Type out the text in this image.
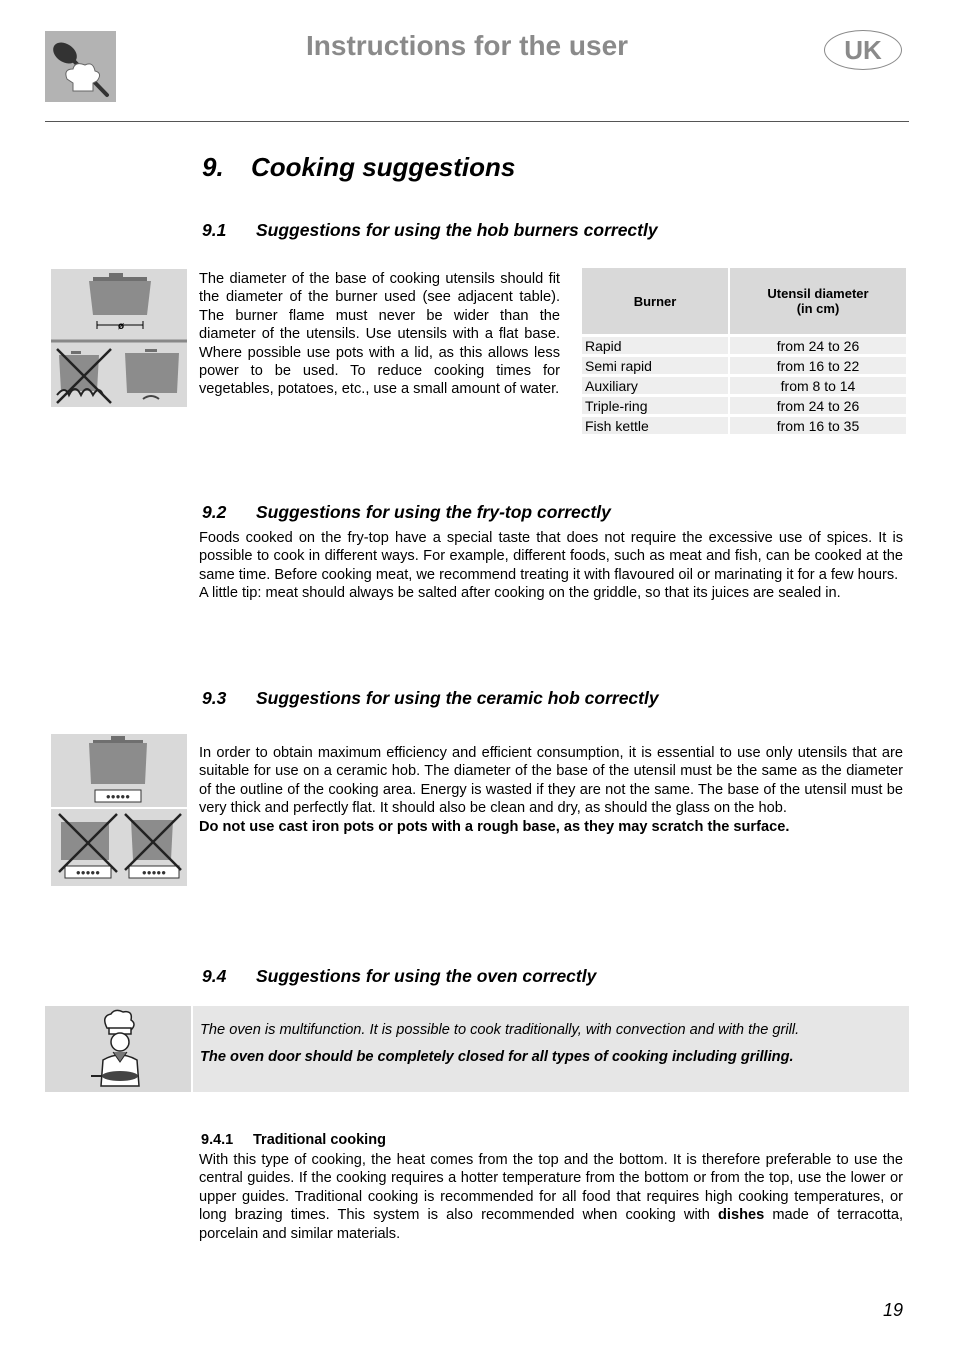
Instructions for the user	UK
9. Cooking suggestions
9.1 Suggestions for using the hob burners correctly
ø
The diameter of the base of cooking utensils should fit the diameter of the burner used (see adjacent table). The burner flame must never be wider than the diameter of the utensils. Use utensils with a flat base. Where possible use pots with a lid, as this allows less power to be used. To reduce cooking times for vegetables, potatoes, etc., use a small amount of water.
Burner	Utensil diameter
(in cm)
Rapid	from 24 to 26
Semi rapid	from 16 to 22
Auxiliary	from 8 to 14
Triple-ring	from 24 to 26
Fish kettle	from 16 to 35
9.2 Suggestions for using the fry-top correctly

Foods cooked on the fry-top have a special taste that does not require the excessive use of spices. It is possible to cook in different ways. For example, different foods, such as meat and fish, can be cooked at the same time. Before cooking meat, we recommend treating it with flavoured oil or marinating it for a few hours.

A little tip: meat should always be salted after cooking on the griddle, so that its juices are sealed in.

9.3 Suggestions for using the ceramic hob correctly
●●●●●
●●●●●	●●●●●

In order to obtain maximum efficiency and efficient consumption, it is essential to use only utensils that are suitable for use on a ceramic hob. The diameter of the base of the utensil must be the same as the diameter of the outline of the cooking area. Energy is wasted if they are not the same. The base of the utensil must be very thick and perfectly flat. It should also be clean and dry, as should the glass on the hob.

Do not use cast iron pots or pots with a rough base, as they may scratch the surface.

9.4 Suggestions for using the oven correctly
The oven is multifunction. It is possible to cook traditionally, with convection and with the grill.
The oven door should be completely closed for all types of cooking including grilling.
9.4.1 Traditional cooking
With this type of cooking, the heat comes from the top and the bottom. It is therefore preferable to use the central guides. If the cooking requires a hotter temperature from the bottom or from the top, use the lower or upper guides. Traditional cooking is recommended for all food that requires high cooking temperatures, or long brazing times. This system is also recommended when cooking with dishes made of terracotta, porcelain and similar materials.
19
